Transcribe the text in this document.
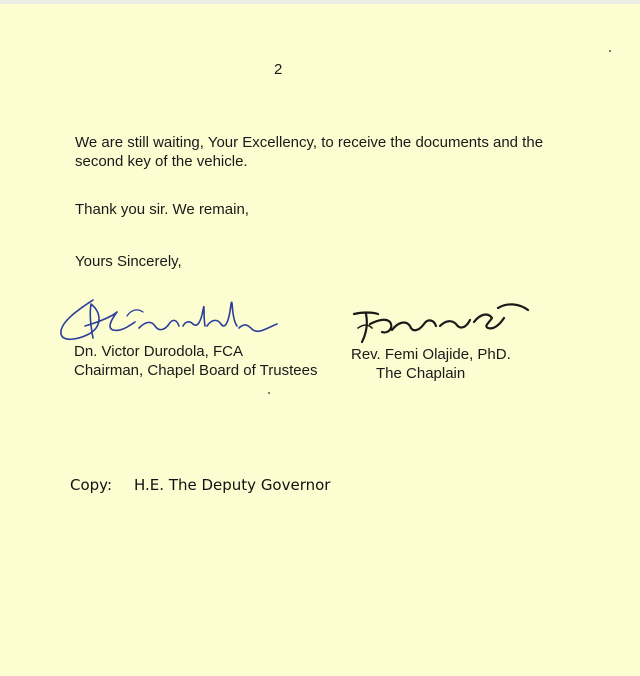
2

We are still waiting, Your Excellency, to receive the documents and the second key of the vehicle.

Thank you sir. We remain,

Yours Sincerely,

Dn. Victor Durodola, FCA
Chairman, Chapel Board of Trustees
Rev. Femi Olajide, PhD.
The Chaplain
Copy: H.E. The Deputy Governor
